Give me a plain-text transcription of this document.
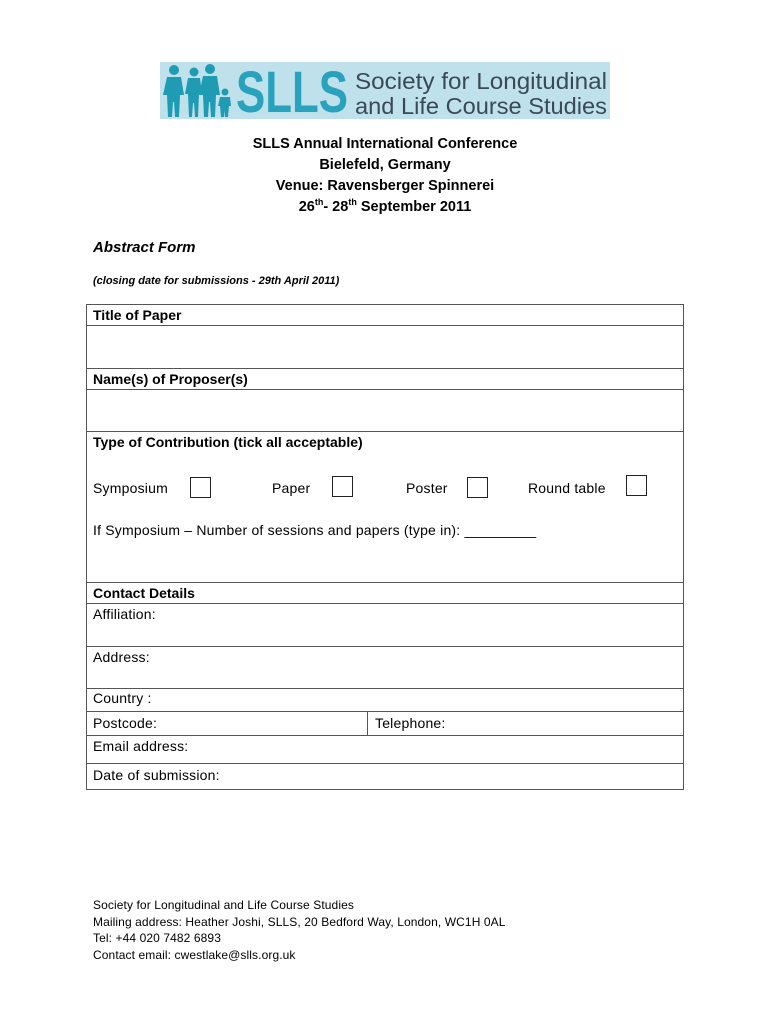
SLLS Society for Longitudinal
and Life Course Studies
SLLS Annual International Conference
Bielefeld, Germany
Venue: Ravensberger Spinnerei
26th- 28th September 2011
Abstract Form
(closing date for submissions - 29th April 2011)
Title of Paper
Name(s) of Proposer(s)
Type of Contribution (tick all acceptable)
Symposium	Paper	Poster	Round table
If Symposium – Number of sessions and papers (type in): _________
Contact Details
Affiliation:
Address:
Country :
Postcode:	Telephone:
Email address:
Date of submission:
Society for Longitudinal and Life Course Studies
Mailing address: Heather Joshi, SLLS, 20 Bedford Way, London, WC1H 0AL
Tel: +44 020 7482 6893
Contact email: cwestlake@slls.org.uk
